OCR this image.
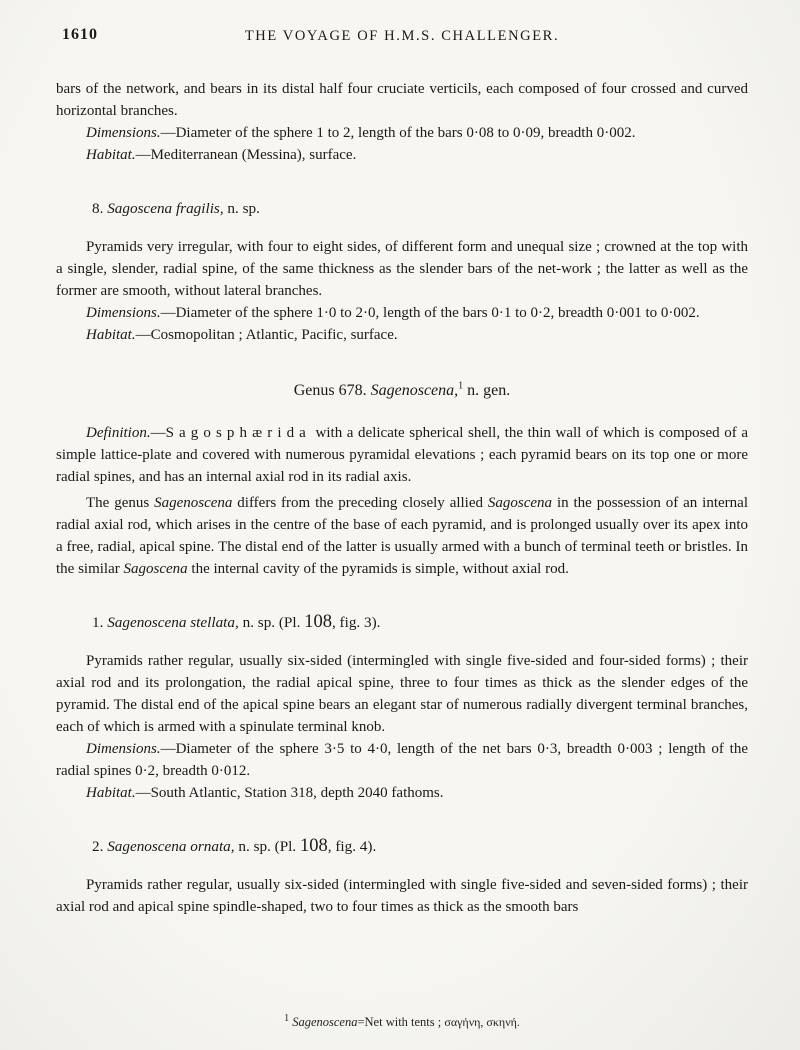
1610	THE VOYAGE OF H.M.S. CHALLENGER.

bars of the network, and bears in its distal half four cruciate verticils, each composed of four crossed and curved horizontal branches.

Dimensions.—Diameter of the sphere 1 to 2, length of the bars 0·08 to 0·09, breadth 0·002.

Habitat.—Mediterranean (Messina), surface.

8. Sagoscena fragilis, n. sp.

Pyramids very irregular, with four to eight sides, of different form and unequal size ; crowned at the top with a single, slender, radial spine, of the same thickness as the slender bars of the net-work ; the latter as well as the former are smooth, without lateral branches.

Dimensions.—Diameter of the sphere 1·0 to 2·0, length of the bars 0·1 to 0·2, breadth 0·001 to 0·002.

Habitat.—Cosmopolitan ; Atlantic, Pacific, surface.

Genus 678. Sagenoscena,$^1$ n. gen.

Definition.—Sagosphærida with a delicate spherical shell, the thin wall of which is composed of a simple lattice-plate and covered with numerous pyramidal elevations ; each pyramid bears on its top one or more radial spines, and has an internal axial rod in its radial axis.

The genus Sagenoscena differs from the preceding closely allied Sagoscena in the possession of an internal radial axial rod, which arises in the centre of the base of each pyramid, and is prolonged usually over its apex into a free, radial, apical spine. The distal end of the latter is usually armed with a bunch of terminal teeth or bristles. In the similar Sagoscena the internal cavity of the pyramids is simple, without axial rod.

1. Sagenoscena stellata, n. sp. (Pl. 108, fig. 3).

Pyramids rather regular, usually six-sided (intermingled with single five-sided and four-sided forms) ; their axial rod and its prolongation, the radial apical spine, three to four times as thick as the slender edges of the pyramid. The distal end of the apical spine bears an elegant star of numerous radially divergent terminal branches, each of which is armed with a spinulate terminal knob.

Dimensions.—Diameter of the sphere 3·5 to 4·0, length of the net bars 0·3, breadth 0·003 ; length of the radial spines 0·2, breadth 0·012.

Habitat.—South Atlantic, Station 318, depth 2040 fathoms.

2. Sagenoscena ornata, n. sp. (Pl. 108, fig. 4).

Pyramids rather regular, usually six-sided (intermingled with single five-sided and seven-sided forms) ; their axial rod and apical spine spindle-shaped, two to four times as thick as the smooth bars

$^1$ Sagenoscena=Net with tents ; σαγήνη, σκηνή.
